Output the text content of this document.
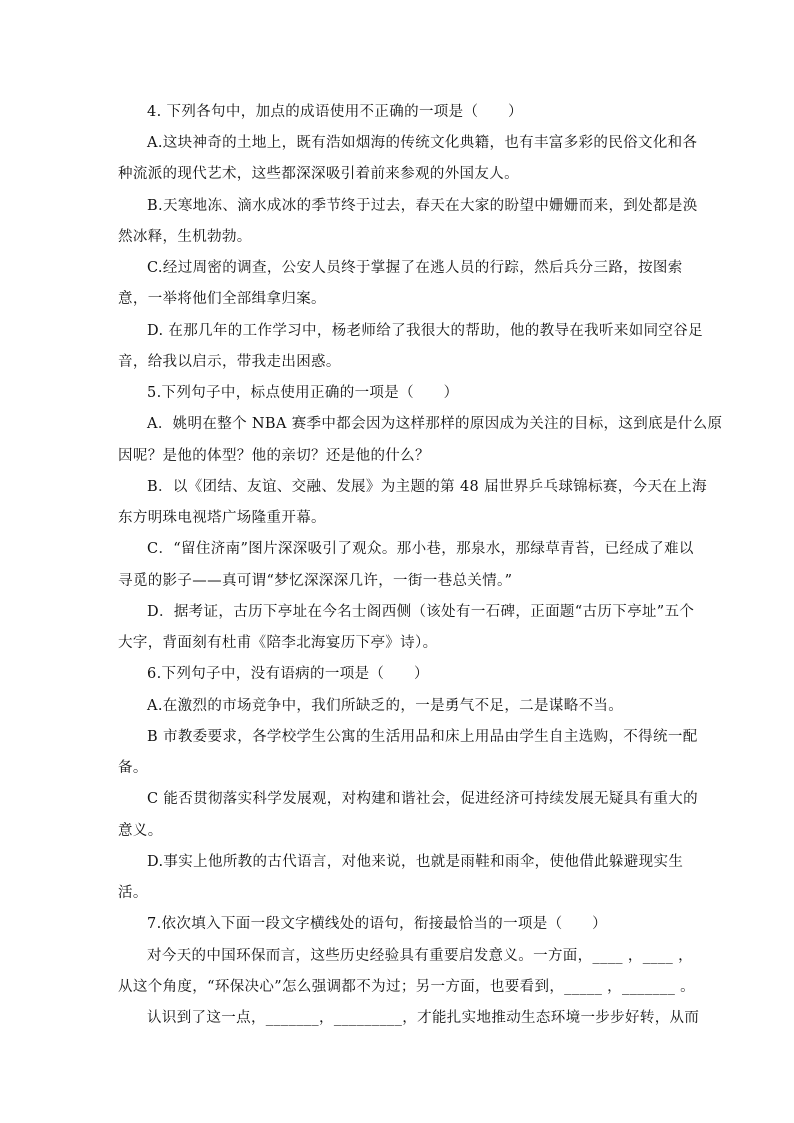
4. 下列各句中，加点的成语使用不正确的一项是（　　）

A.这块神奇的土地上，既有浩如烟海的传统文化典籍，也有丰富多彩的民俗文化和各

种流派的现代艺术，这些都深深吸引着前来参观的外国友人。

B.天寒地冻、滴水成冰的季节终于过去，春天在大家的盼望中姗姗而来，到处都是涣

然冰释，生机勃勃。

C.经过周密的调查，公安人员终于掌握了在逃人员的行踪，然后兵分三路，按图索

意，一举将他们全部缉拿归案。

D. 在那几年的工作学习中，杨老师给了我很大的帮助，他的教导在我听来如同空谷足

音，给我以启示，带我走出困惑。

5.下列句子中，标点使用正确的一项是（　　）

A．姚明在整个 NBA 赛季中都会因为这样那样的原因成为关注的目标，这到底是什么原

因呢？是他的体型？他的亲切？还是他的什么？

B．以《团结、友谊、交融、发展》为主题的第 48 届世界乒乓球锦标赛，今天在上海

东方明珠电视塔广场隆重开幕。

C．“留住济南”图片深深吸引了观众。那小巷，那泉水，那绿草青苔，已经成了难以

寻觅的影子——真可谓“梦忆深深深几许，一街一巷总关情。”

D．据考证，古历下亭址在今名士阁西侧（该处有一石碑，正面题“古历下亭址”五个

大字，背面刻有杜甫《陪李北海宴历下亭》诗）。

6.下列句子中，没有语病的一项是（　　）

A.在激烈的市场竞争中，我们所缺乏的，一是勇气不足，二是谋略不当。

B 市教委要求，各学校学生公寓的生活用品和床上用品由学生自主选购，不得统一配

备。

C 能否贯彻落实科学发展观，对构建和谐社会，促进经济可持续发展无疑具有重大的

意义。

D.事实上他所教的古代语言，对他来说，也就是雨鞋和雨伞，使他借此躲避现实生

活。

7.依次填入下面一段文字横线处的语句，衔接最恰当的一项是（　　）

对今天的中国环保而言，这些历史经验具有重要启发意义。一方面，____ ，____ ，

从这个角度，“环保决心”怎么强调都不为过；另一方面，也要看到，_____ ，_______ 。

认识到了这一点，_______，_________，才能扎实地推动生态环境一步步好转，从而
